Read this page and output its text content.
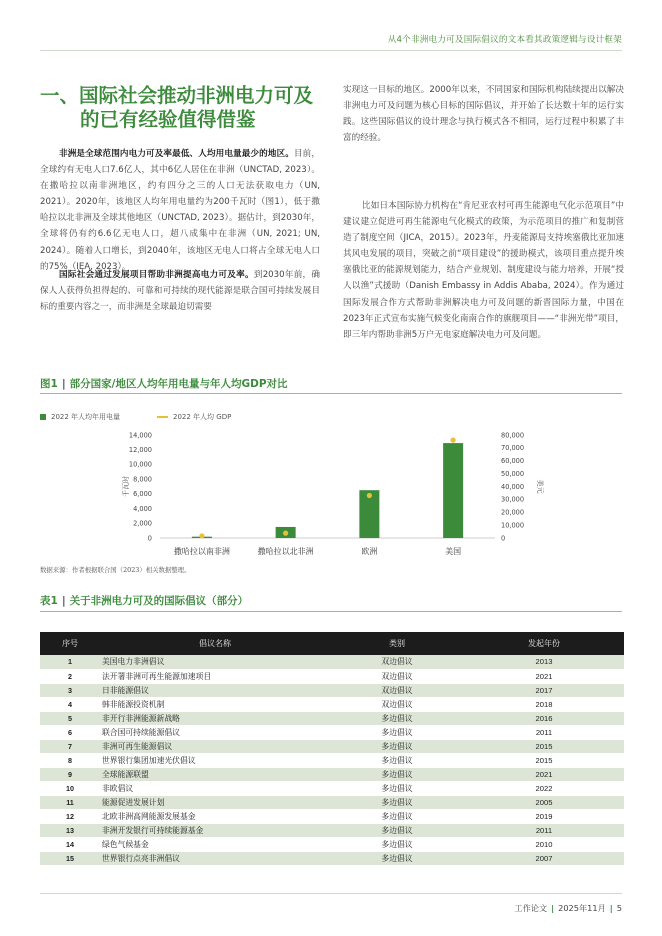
从4个非洲电力可及国际倡议的文本看其政策逻辑与设计框架
一、国际社会推动非洲电力可及
的已有经验值得借鉴

非洲是全球范围内电力可及率最低、人均用电量最少的地区。目前，全球约有无电人口7.6亿人，其中6亿人居住在非洲（UNCTAD, 2023）。在撒哈拉以南非洲地区，约有四分之三的人口无法获取电力（UN, 2021）。2020年，该地区人均年用电量约为200千瓦时（图1），低于撒哈拉以北非洲及全球其他地区（UNCTAD, 2023）。据估计，到2030年，全球将仍有约6.6亿无电人口，超八成集中在非洲（UN, 2021; UN, 2024）。随着人口增长，到2040年，该地区无电人口将占全球无电人口的75%（IEA, 2023）。

国际社会通过发展项目帮助非洲提高电力可及率。到2030年前，确保人人获得负担得起的、可靠和可持续的现代能源是联合国可持续发展目标的重要内容之一，而非洲是全球最迫切需要

实现这一目标的地区。2000年以来，不同国家和国际机构陆续提出以解决非洲电力可及问题为核心目标的国际倡议，并开始了长达数十年的运行实践。这些国际倡议的设计理念与执行模式各不相同，运行过程中积累了丰富的经验。

比如日本国际协力机构在“肯尼亚农村可再生能源电气化示范项目”中建议建立促进可再生能源电气化模式的政策，为示范项目的推广和复制营造了制度空间（JICA，2015）。2023年，丹麦能源局支持埃塞俄比亚加速其风电发展的项目，突破之前“项目建设”的援助模式，该项目重点提升埃塞俄比亚的能源规划能力，结合产业规划、制度建设与能力培养，开展“授人以渔”式援助（Danish Embassy in Addis Ababa, 2024）。作为通过国际发展合作方式帮助非洲解决电力可及问题的新晋国际力量，中国在2023年正式宣布实施气候变化南南合作的旗舰项目——“非洲光带”项目，即三年内帮助非洲5万户无电家庭解决电力可及问题。

图1 | 部分国家/地区人均年用电量与年人均GDP对比
2022 年人均年用电量	2022 年人均 GDP
14,000
12,000
10,000
8,000
6,000
4,000
2,000
0
80,000
70,000
60,000
50,000
40,000
30,000
20,000
10,000
0
千瓦时	美元
撒哈拉以南非洲	撒哈拉以北非洲	欧洲	美国
数据来源：作者根据联合国（2023）相关数据整理。
表1 | 关于非洲电力可及的国际倡议（部分）
序号	倡议名称	类别	发起年份
1	美国电力非洲倡议	双边倡议	2013
2	法开署非洲可再生能源加速项目	双边倡议	2021
3	日非能源倡议	双边倡议	2017
4	韩非能源投资机制	双边倡议	2018
5	非开行非洲能源新战略	多边倡议	2016
6	联合国可持续能源倡议	多边倡议	2011
7	非洲可再生能源倡议	多边倡议	2015
8	世界银行集团加速光伏倡议	多边倡议	2015
9	全球能源联盟	多边倡议	2021
10	非欧倡议	多边倡议	2022
11	能源促进发展计划	多边倡议	2005
12	北欧非洲高网能源发展基金	多边倡议	2019
13	非洲开发银行可持续能源基金	多边倡议	2011
14	绿色气候基金	多边倡议	2010
15	世界银行点亮非洲倡议	多边倡议	2007
工作论文 | 2025年11月 | 5
